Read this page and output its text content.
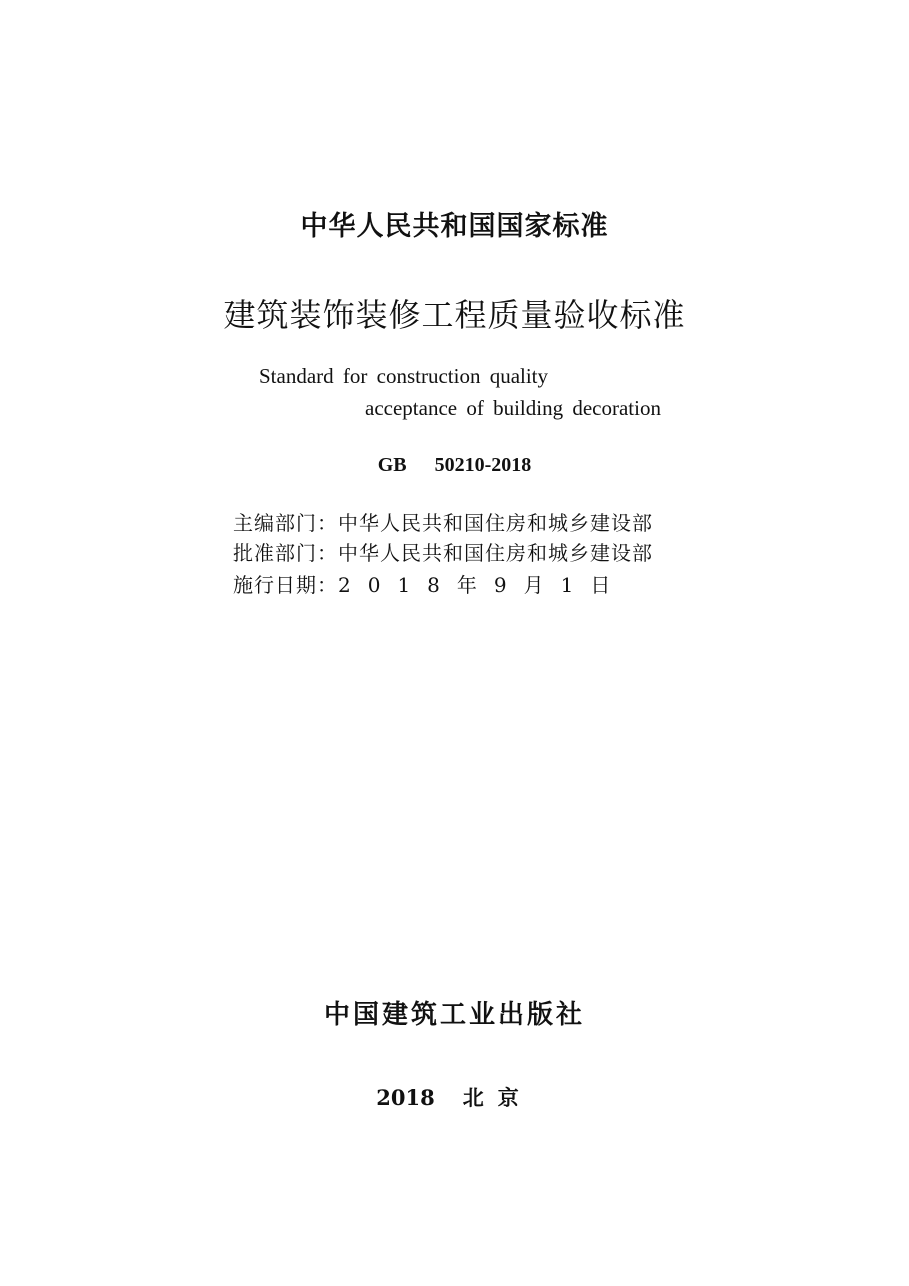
中华人民共和国国家标准
建筑装饰装修工程质量验收标准
Standard for construction quality
acceptance of building decoration
GB 50210-2018
主编部门：中华人民共和国住房和城乡建设部
批准部门：中华人民共和国住房和城乡建设部
施行日期：2018年9月1日
中国建筑工业出版社
2018 北京
